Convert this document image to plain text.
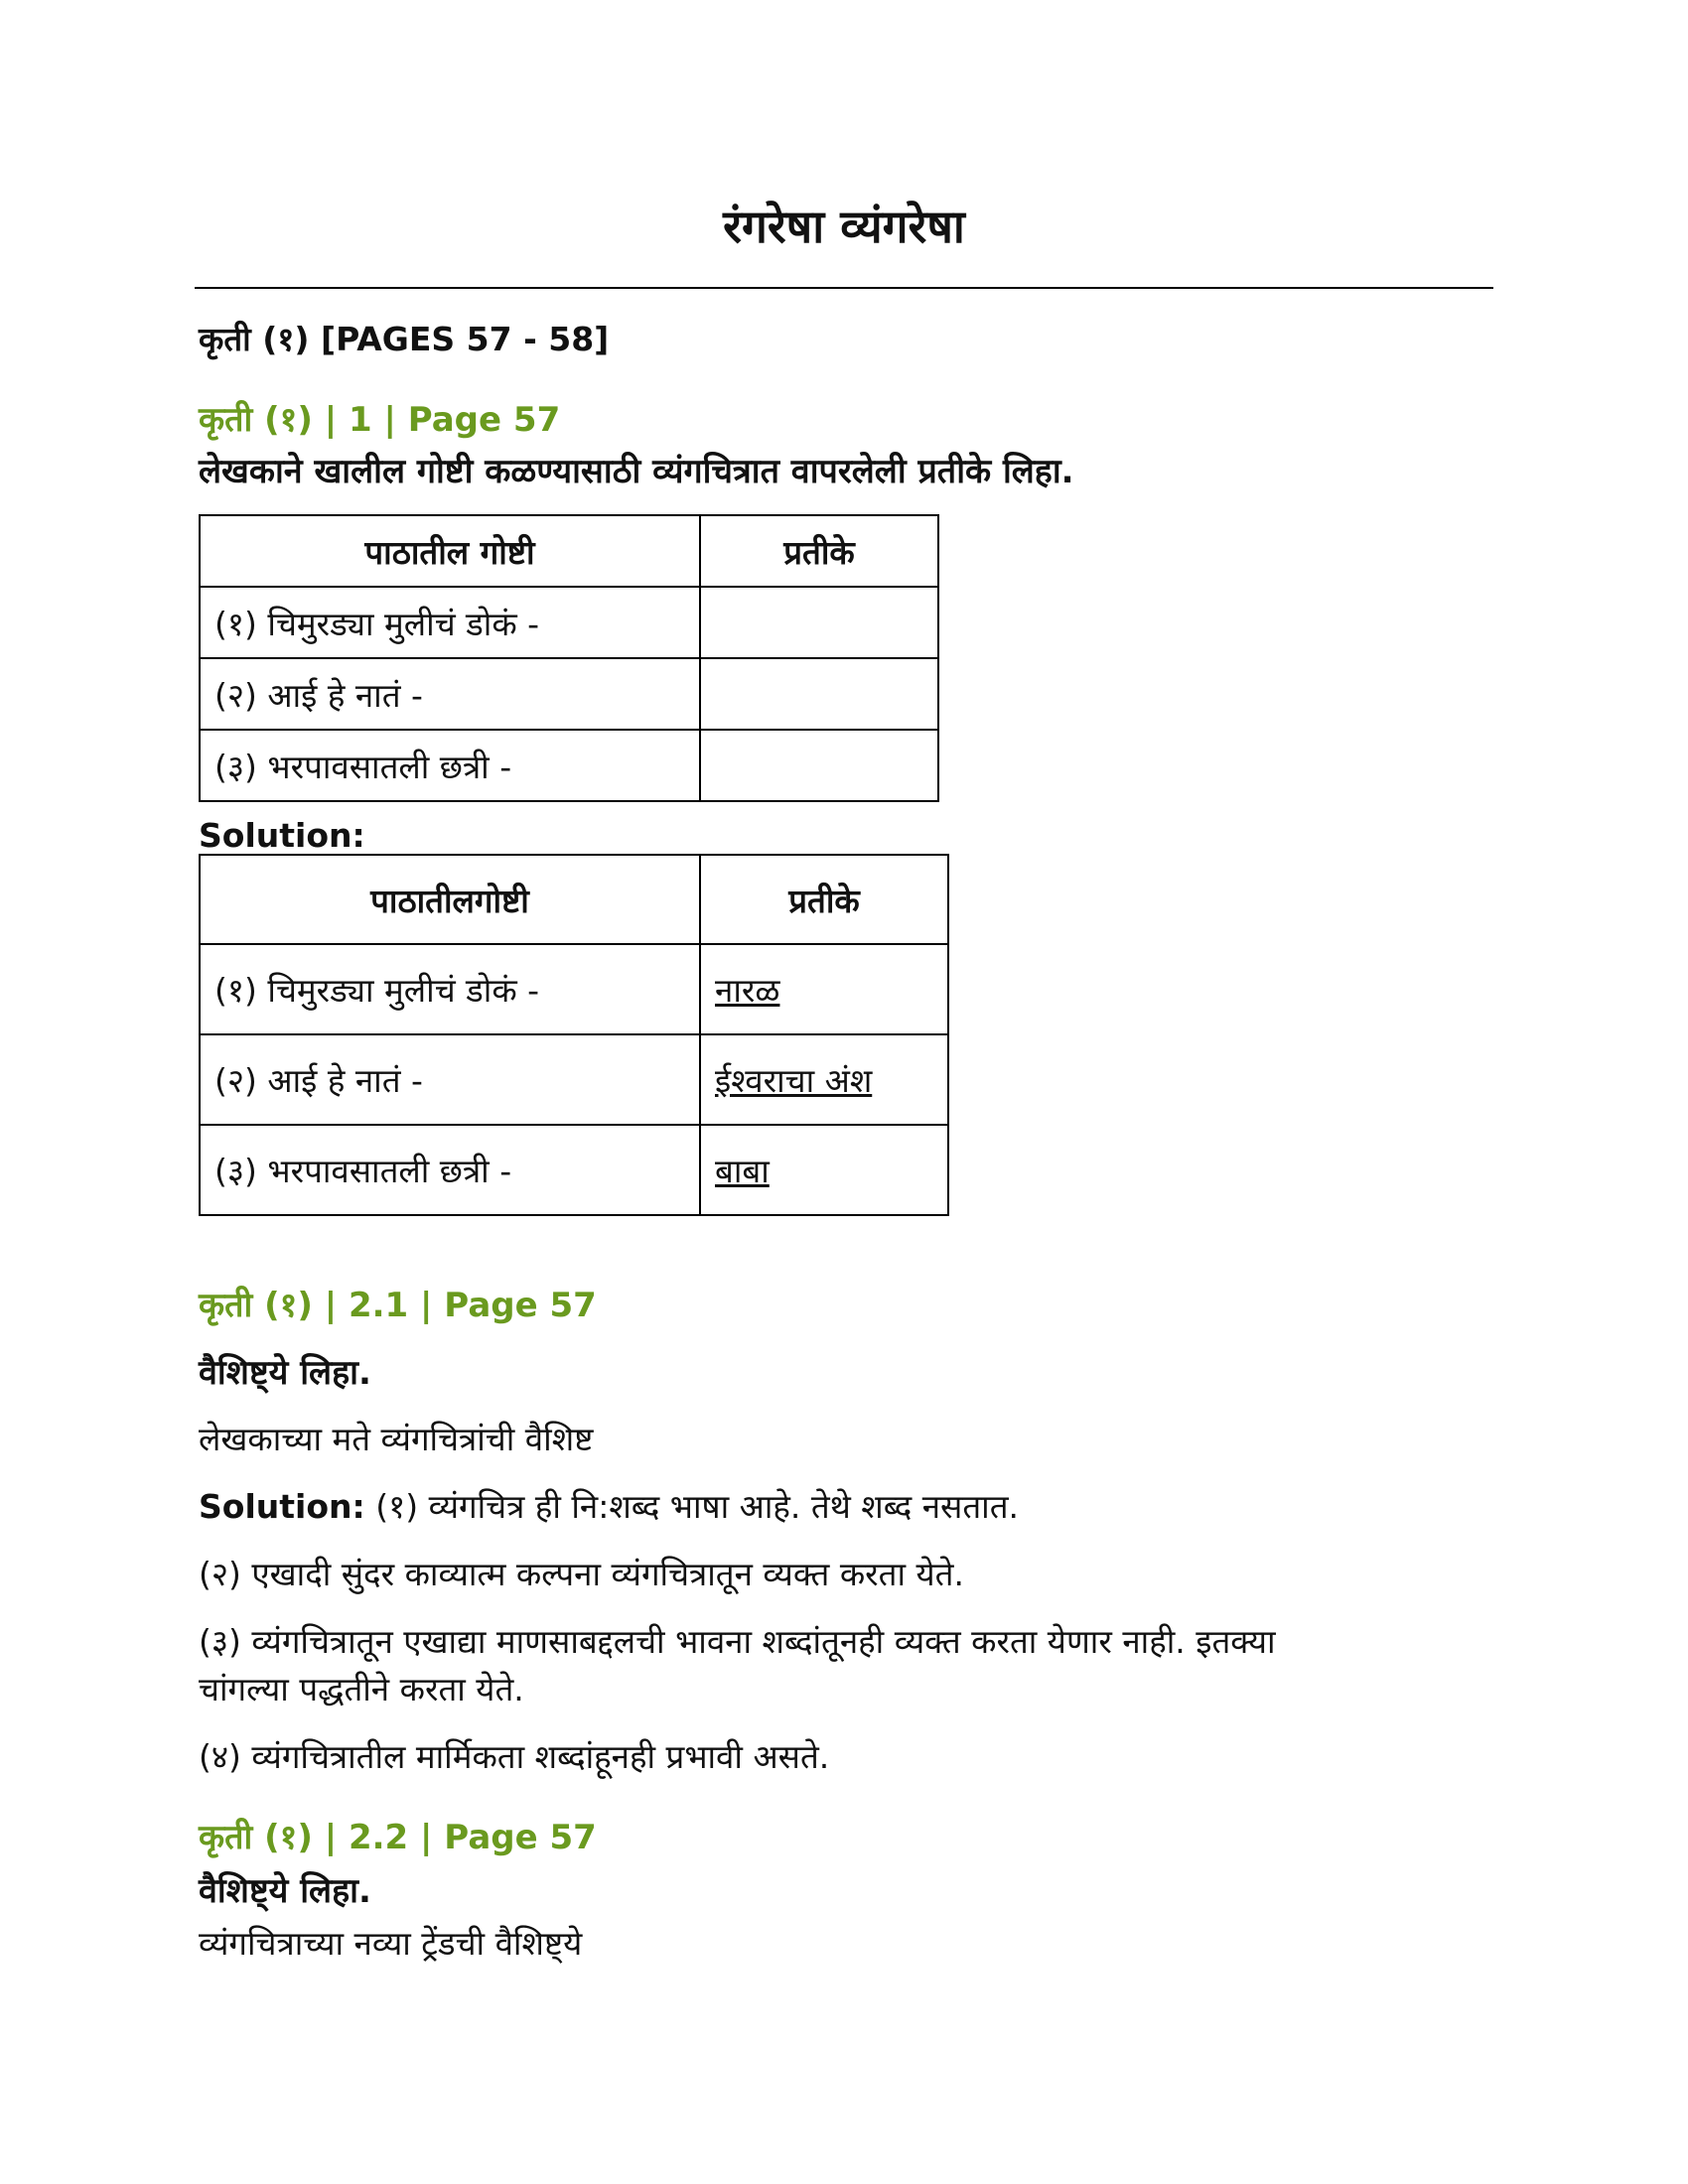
रंगरेषा व्यंगरेषा

कृती (१) [PAGES 57 - 58]

कृती (१) | 1 | Page 57

लेखकाने खालील गोष्टी कळण्यासाठी व्यंगचित्रात वापरलेली प्रतीके लिहा.

पाठातील गोष्टी	प्रतीके
(१) चिमुरड्या मुलीचं डोकं -	
(२) आई हे नातं -	
(३) भरपावसातली छत्री -	

Solution:

पाठातीलगोष्टी	प्रतीके
(१) चिमुरड्या मुलीचं डोकं -	नारळ
(२) आई हे नातं -	ईश्वराचा अंश
(३) भरपावसातली छत्री -	बाबा

कृती (१) | 2.1 | Page 57

वैशिष्ट्ये लिहा.

लेखकाच्या मते व्यंगचित्रांची वैशिष्ट

Solution: (१) व्यंगचित्र ही नि:शब्द भाषा आहे. तेथे शब्द नसतात.

(२) एखादी सुंदर काव्यात्म कल्पना व्यंगचित्रातून व्यक्त करता येते.

(३) व्यंगचित्रातून एखाद्या माणसाबद्दलची भावना शब्दांतूनही व्यक्त करता येणार नाही. इतक्या

चांगल्या पद्धतीने करता येते.

(४) व्यंगचित्रातील मार्मिकता शब्दांहूनही प्रभावी असते.

कृती (१) | 2.2 | Page 57

वैशिष्ट्ये लिहा.

व्यंगचित्राच्या नव्या ट्रेंडची वैशिष्ट्ये
